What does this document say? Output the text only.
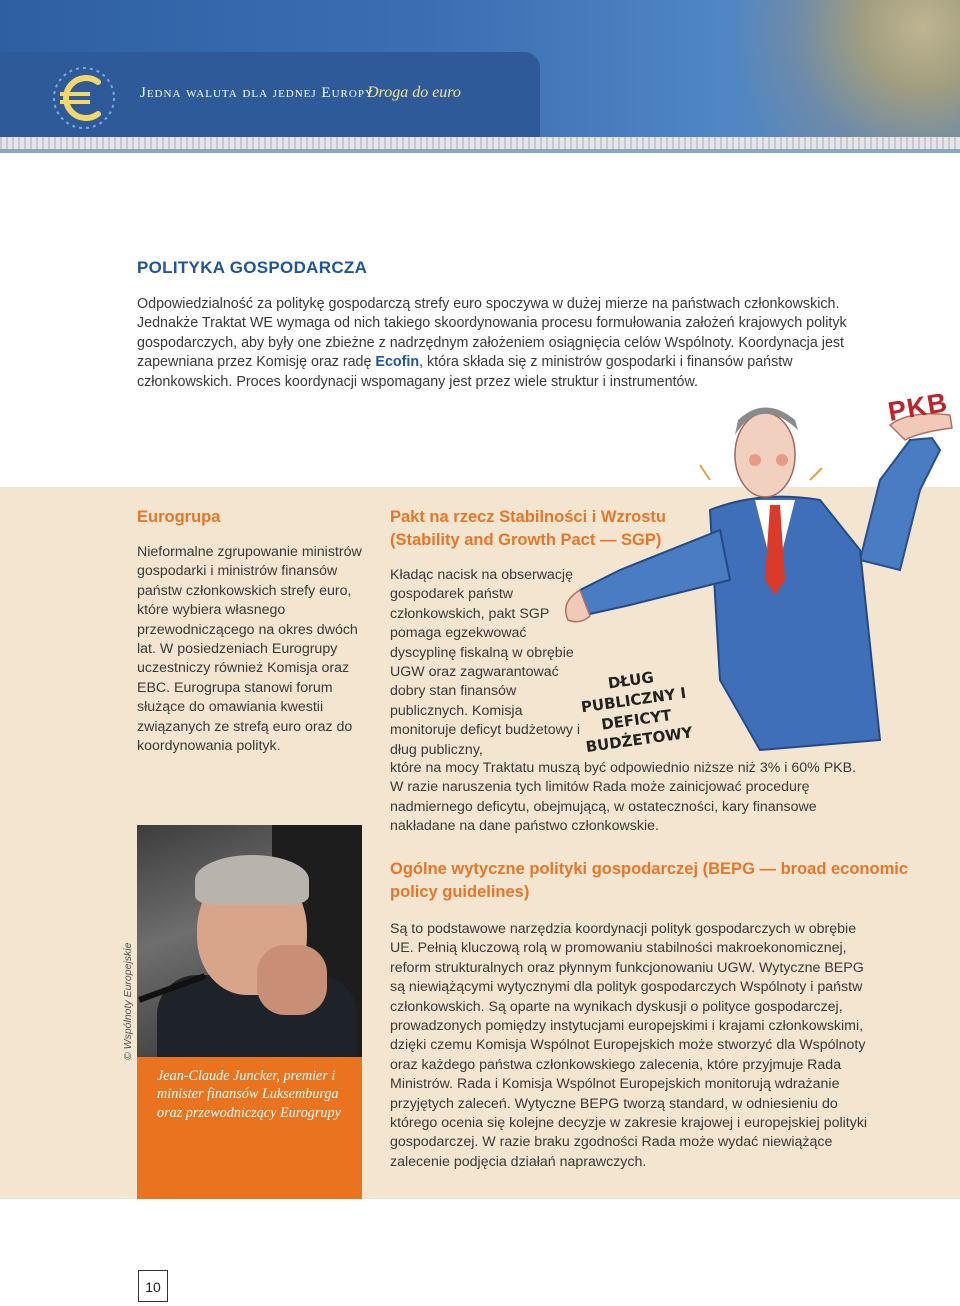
Jedna waluta dla jednej Europy
Droga do euro
POLITYKA GOSPODARCZA

Odpowiedzialność za politykę gospodarczą strefy euro spoczywa w dużej mierze na państwach członkowskich. Jednakże Traktat WE wymaga od nich takiego skoordynowania procesu formułowania założeń krajowych polityk gospodarczych, aby były one zbieżne z nadrzędnym założeniem osiągnięcia celów Wspólnoty. Koordynacja jest zapewniana przez Komisję oraz radę Ecofin, która składa się z ministrów gospodarki i finansów państw członkowskich. Proces koordynacji wspomagany jest przez wiele struktur i instrumentów.

PKB

DŁUG PUBLICZNY I DEFICYT BUDŻETOWY

Eurogrupa

Nieformalne zgrupowanie ministrów gospodarki i ministrów finansów państw członkowskich strefy euro, które wybiera własnego przewodniczącego na okres dwóch lat. W posiedzeniach Eurogrupy uczestniczy również Komisja oraz EBC. Eurogrupa stanowi forum służące do omawiania kwestii związanych ze strefą euro oraz do koordynowania polityk.

Jean-Claude Juncker, premier i minister finansów Luksemburga oraz przewodniczący Eurogrupy

© Wspólnoty Europejskie

Pakt na rzecz Stabilności i Wzrostu (Stability and Growth Pact — SGP)

Kładąc nacisk na obserwację gospodarek państw członkowskich, pakt SGP pomaga egzekwować dyscyplinę fiskalną w obrębie UGW oraz zagwarantować dobry stan finansów publicznych. Komisja monitoruje deficyt budżetowy i dług publiczny,

które na mocy Traktatu muszą być odpowiednio niższe niż 3% i 60% PKB. W razie naruszenia tych limitów Rada może zainicjować procedurę nadmiernego deficytu, obejmującą, w ostateczności, kary finansowe nakładane na dane państwo członkowskie.

Ogólne wytyczne polityki gospodarczej (BEPG — broad economic policy guidelines)

Są to podstawowe narzędzia koordynacji polityk gospodarczych w obrębie UE. Pełnią kluczową rolą w promowaniu stabilności makroekonomicznej, reform strukturalnych oraz płynnym funkcjonowaniu UGW. Wytyczne BEPG są niewiążącymi wytycznymi dla polityk gospodarczych Wspólnoty i państw członkowskich. Są oparte na wynikach dyskusji o polityce gospodarczej, prowadzonych pomiędzy instytucjami europejskimi i krajami członkowskimi, dzięki czemu Komisja Wspólnot Europejskich może stworzyć dla Wspólnoty oraz każdego państwa członkowskiego zalecenia, które przyjmuje Rada Ministrów. Rada i Komisja Wspólnot Europejskich monitorują wdrażanie przyjętych zaleceń. Wytyczne BEPG tworzą standard, w odniesieniu do którego ocenia się kolejne decyzje w zakresie krajowej i europejskiej polityki gospodarczej. W razie braku zgodności Rada może wydać niewiążące zalecenie podjęcia działań naprawczych.

10
